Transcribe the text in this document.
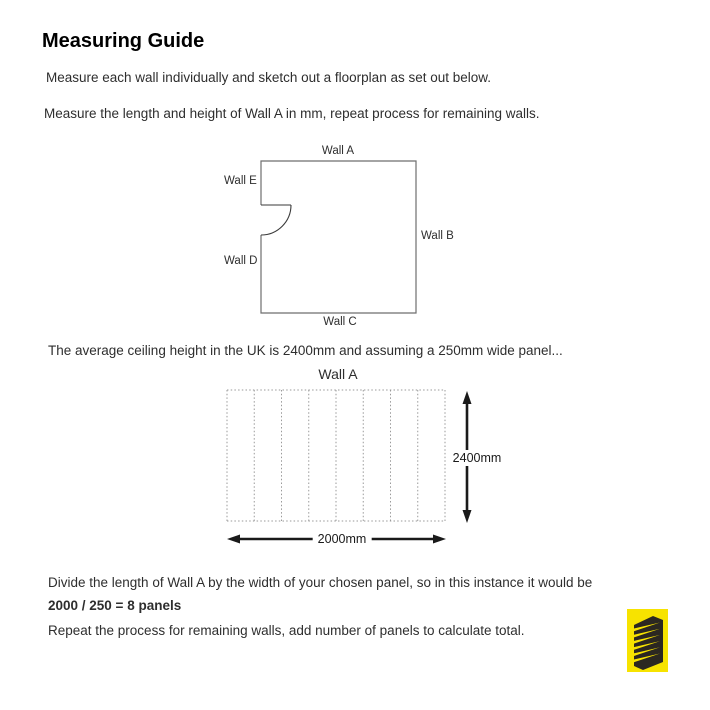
Measuring Guide
Measure each wall individually and sketch out a floorplan as set out below.
Measure the length and height of Wall A in mm, repeat process for remaining walls.
The average ceiling height in the UK is 2400mm and assuming a 250mm wide panel...
Divide the length of Wall A by the width of your chosen panel, so in this instance it would be
2000 / 250 = 8 panels
Repeat the process for remaining walls, add number of panels to calculate total.
Wall A
Wall E
Wall B
Wall D
Wall C
Wall A
2400mm
2000mm
